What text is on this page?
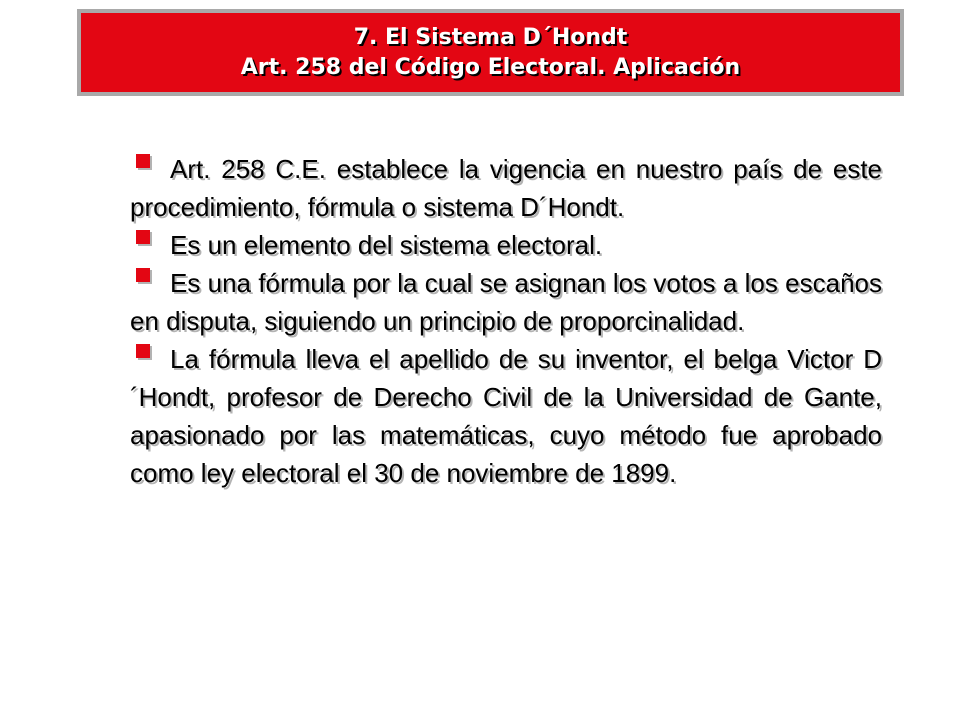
7. El Sistema D´Hondt
Art. 258 del Código Electoral. Aplicación

Art. 258 C.E. establece la vigencia en nuestro país de este procedimiento, fórmula o sistema D´Hondt.

Es un elemento del sistema electoral.

Es una fórmula por la cual se asignan los votos a los escaños en disputa, siguiendo un principio de proporcinalidad.

La fórmula lleva el apellido de su inventor, el belga Victor D´Hondt, profesor de Derecho Civil de la Universidad de Gante, apasionado por las matemáticas, cuyo método fue aprobado como ley electoral el 30 de noviembre de 1899.
